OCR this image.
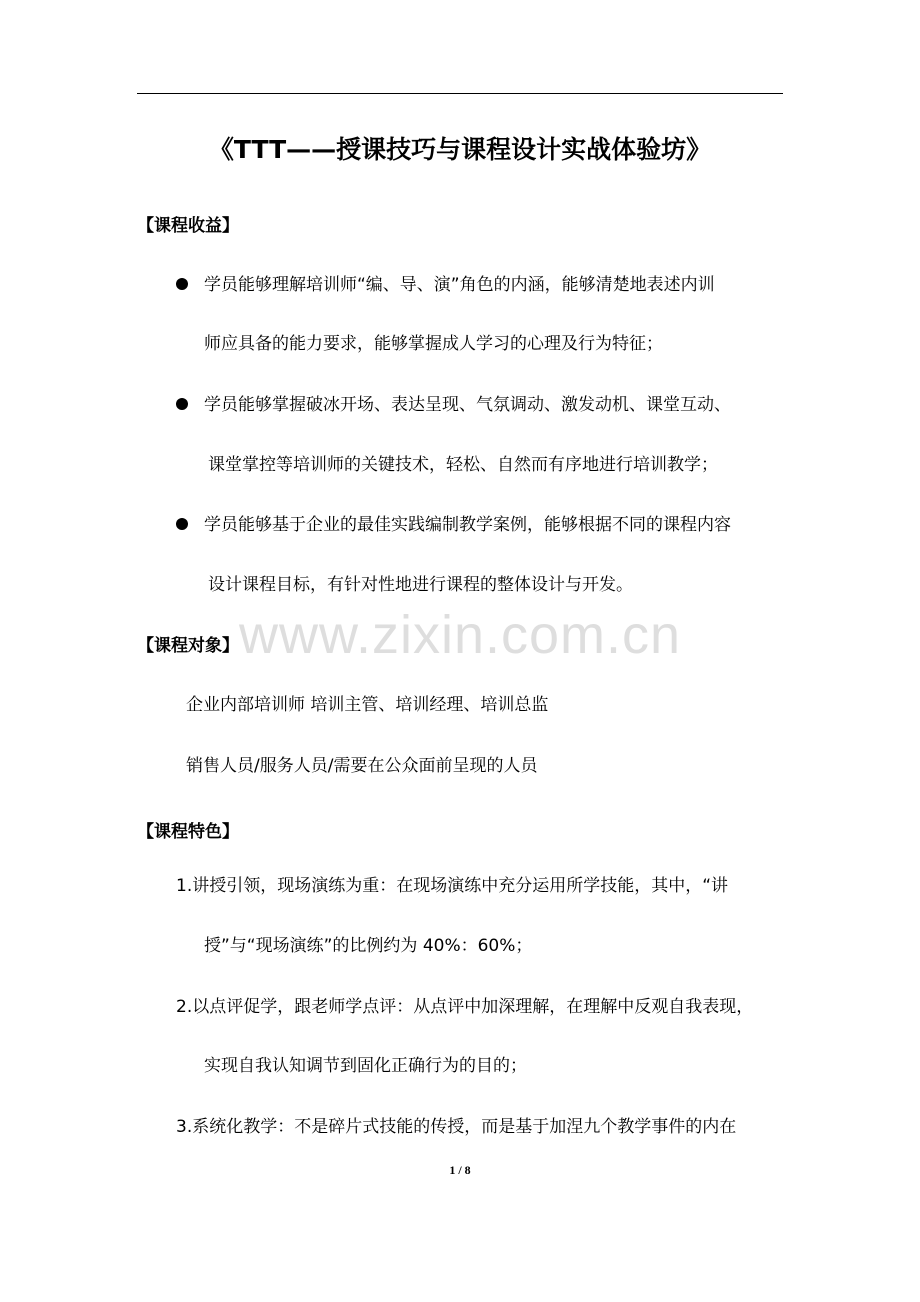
《TTT——授课技巧与课程设计实战体验坊》
【课程收益】
学员能够理解培训师“编、导、演”角色的内涵，能够清楚地表述内训
师应具备的能力要求，能够掌握成人学习的心理及行为特征；
学员能够掌握破冰开场、表达呈现、气氛调动、激发动机、课堂互动、
课堂掌控等培训师的关键技术，轻松、自然而有序地进行培训教学；
学员能够基于企业的最佳实践编制教学案例，能够根据不同的课程内容
设计课程目标，有针对性地进行课程的整体设计与开发。
www.zixin.com.cn
【课程对象】
企业内部培训师 培训主管、培训经理、培训总监
销售人员/服务人员/需要在公众面前呈现的人员
【课程特色】
1.讲授引领，现场演练为重：在现场演练中充分运用所学技能，其中，“讲
授”与“现场演练”的比例约为 40%：60%；
2.以点评促学，跟老师学点评：从点评中加深理解，在理解中反观自我表现，
实现自我认知调节到固化正确行为的目的；
3.系统化教学：不是碎片式技能的传授，而是基于加涅九个教学事件的内在
1 / 8
